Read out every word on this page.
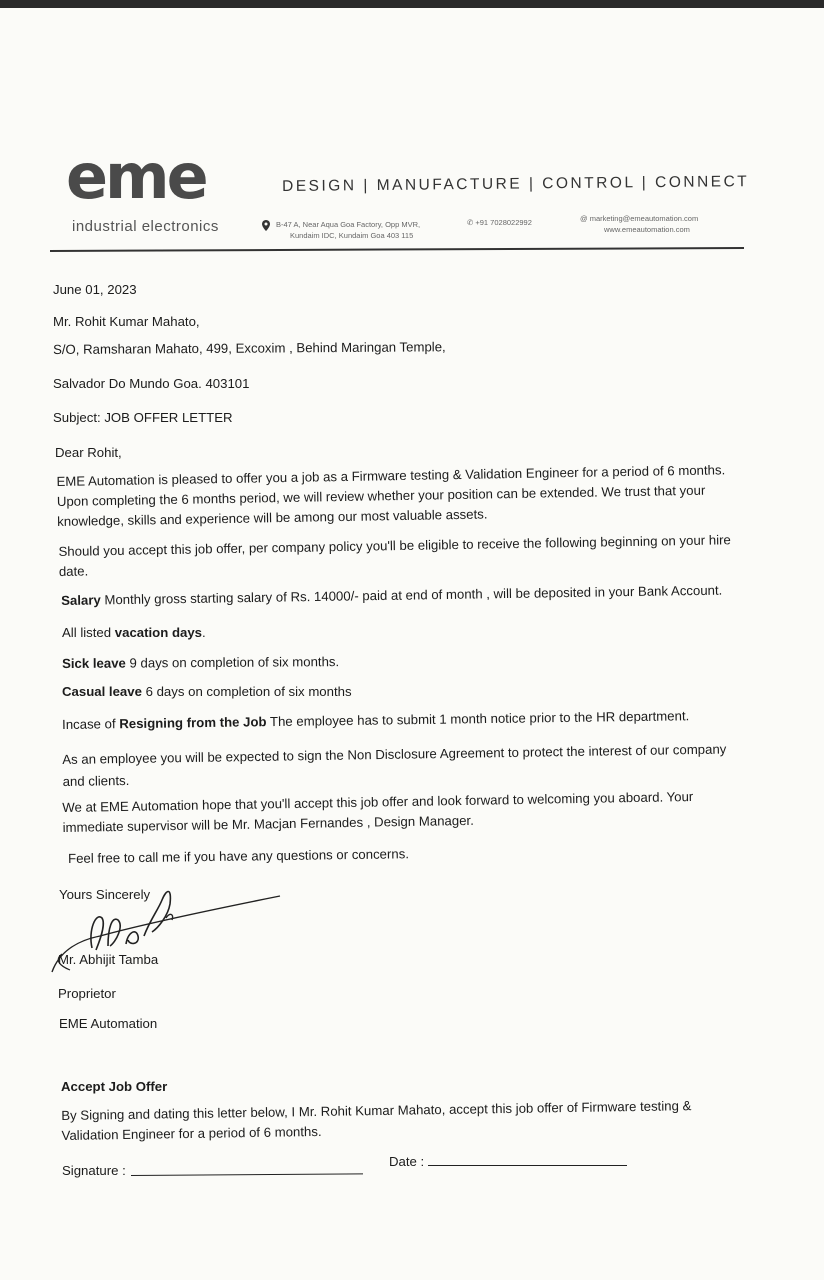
eme
industrial electronics
DESIGN | MANUFACTURE | CONTROL | CONNECT
B-47 A, Near Aqua Goa Factory, Opp MVR,
Kundaim IDC, Kundaim Goa 403 115
✆ +91 7028022992	@ marketing@emeautomation.com
www.emeautomation.com
June 01, 2023
Mr. Rohit Kumar Mahato,
S/O, Ramsharan Mahato, 499, Excoxim , Behind Maringan Temple,
Salvador Do Mundo Goa. 403101
Subject: JOB OFFER LETTER
Dear Rohit,
EME Automation is pleased to offer you a job as a Firmware testing & Validation Engineer for a period of 6 months.
Upon completing the 6 months period, we will review whether your position can be extended. We trust that your
knowledge, skills and experience will be among our most valuable assets.
Should you accept this job offer, per company policy you'll be eligible to receive the following beginning on your hire
date.
Salary Monthly gross starting salary of Rs. 14000/- paid at end of month , will be deposited in your Bank Account.
All listed vacation days.
Sick leave 9 days on completion of six months.
Casual leave 6 days on completion of six months
Incase of Resigning from the Job The employee has to submit 1 month notice prior to the HR department.
As an employee you will be expected to sign the Non Disclosure Agreement to protect the interest of our company
and clients.
We at EME Automation hope that you'll accept this job offer and look forward to welcoming you aboard. Your
immediate supervisor will be Mr. Macjan Fernandes , Design Manager.
Feel free to call me if you have any questions or concerns.
Yours Sincerely
Mr. Abhijit Tamba
Proprietor
EME Automation
Accept Job Offer
By Signing and dating this letter below, I Mr. Rohit Kumar Mahato, accept this job offer of Firmware testing &
Validation Engineer for a period of 6 months.
Signature :
Date :
